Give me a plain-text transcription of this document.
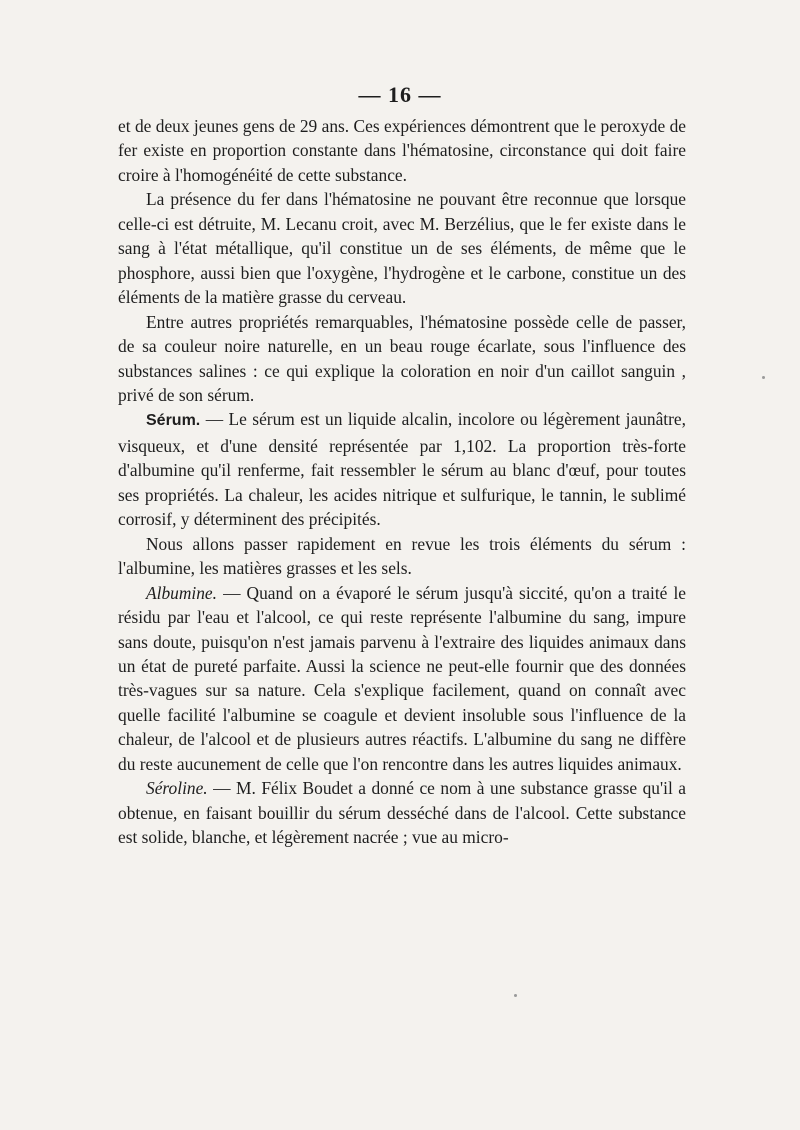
— 16 —

et de deux jeunes gens de 29 ans. Ces expériences démontrent que le peroxyde de fer existe en proportion constante dans l'hématosine, circonstance qui doit faire croire à l'homogénéité de cette substance.

La présence du fer dans l'hématosine ne pouvant être reconnue que lorsque celle-ci est détruite, M. Lecanu croit, avec M. Berzélius, que le fer existe dans le sang à l'état métallique, qu'il constitue un de ses éléments, de même que le phosphore, aussi bien que l'oxygène, l'hydrogène et le carbone, constitue un des éléments de la matière grasse du cerveau.

Entre autres propriétés remarquables, l'hématosine possède celle de passer, de sa couleur noire naturelle, en un beau rouge écarlate, sous l'influence des substances salines : ce qui explique la coloration en noir d'un caillot sanguin , privé de son sérum.

Sérum. — Le sérum est un liquide alcalin, incolore ou légèrement jaunâtre, visqueux, et d'une densité représentée par 1,102. La proportion très-forte d'albumine qu'il renferme, fait ressembler le sérum au blanc d'œuf, pour toutes ses propriétés. La chaleur, les acides nitrique et sulfurique, le tannin, le sublimé corrosif, y déterminent des précipités.

Nous allons passer rapidement en revue les trois éléments du sérum : l'albumine, les matières grasses et les sels.

Albumine. — Quand on a évaporé le sérum jusqu'à siccité, qu'on a traité le résidu par l'eau et l'alcool, ce qui reste représente l'albumine du sang, impure sans doute, puisqu'on n'est jamais parvenu à l'extraire des liquides animaux dans un état de pureté parfaite. Aussi la science ne peut-elle fournir que des données très-vagues sur sa nature. Cela s'explique facilement, quand on connaît avec quelle facilité l'albumine se coagule et devient insoluble sous l'influence de la chaleur, de l'alcool et de plusieurs autres réactifs. L'albumine du sang ne diffère du reste aucunement de celle que l'on rencontre dans les autres liquides animaux.

Séroline. — M. Félix Boudet a donné ce nom à une substance grasse qu'il a obtenue, en faisant bouillir du sérum desséché dans de l'alcool. Cette substance est solide, blanche, et légèrement nacrée ; vue au micro-
